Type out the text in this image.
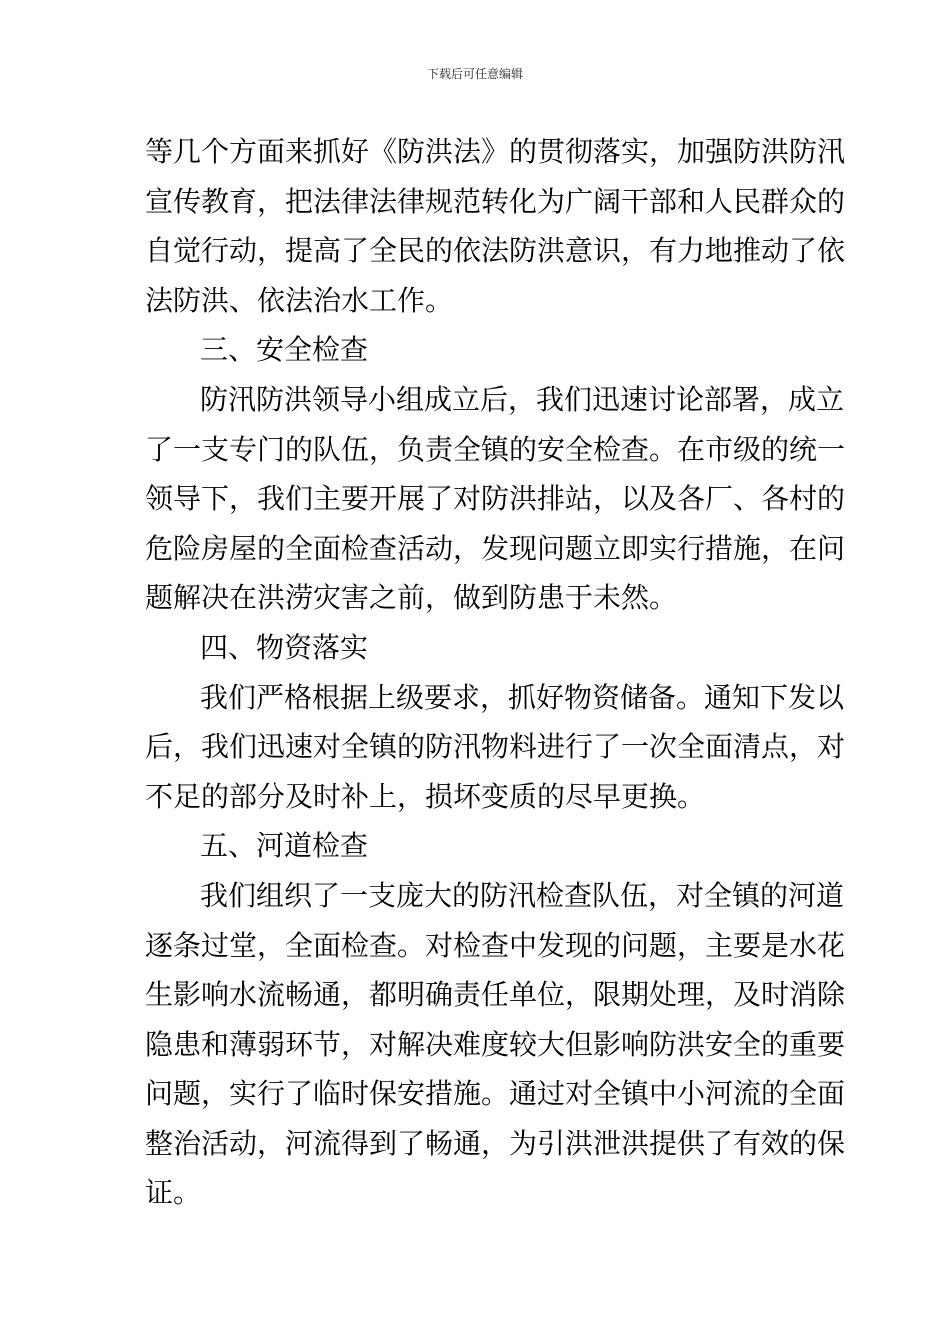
下载后可任意编辑
等几个方面来抓好《防洪法》的贯彻落实，加强防洪防汛
宣传教育，把法律法律规范转化为广阔干部和人民群众的
自觉行动，提高了全民的依法防洪意识，有力地推动了依
法防洪、依法治水工作。
三、安全检查
防汛防洪领导小组成立后，我们迅速讨论部署，成立
了一支专门的队伍，负责全镇的安全检查。在市级的统一
领导下，我们主要开展了对防洪排站，以及各厂、各村的
危险房屋的全面检查活动，发现问题立即实行措施，在问
题解决在洪涝灾害之前，做到防患于未然。
四、物资落实
我们严格根据上级要求，抓好物资储备。通知下发以
后，我们迅速对全镇的防汛物料进行了一次全面清点，对
不足的部分及时补上，损坏变质的尽早更换。
五、河道检查
我们组织了一支庞大的防汛检查队伍，对全镇的河道
逐条过堂，全面检查。对检查中发现的问题，主要是水花
生影响水流畅通，都明确责任单位，限期处理，及时消除
隐患和薄弱环节，对解决难度较大但影响防洪安全的重要
问题，实行了临时保安措施。通过对全镇中小河流的全面
整治活动，河流得到了畅通，为引洪泄洪提供了有效的保
证。
